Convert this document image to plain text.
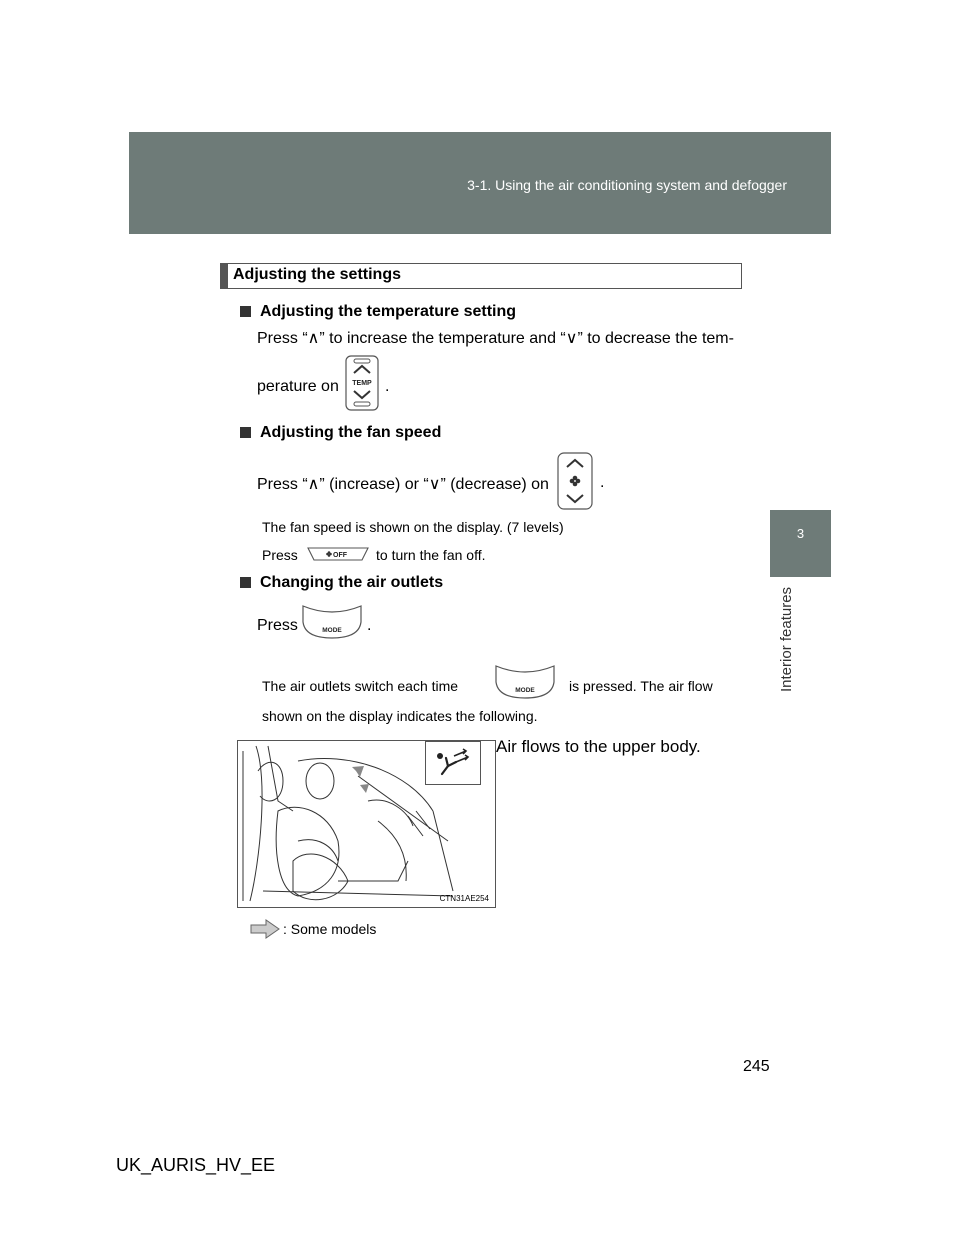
3-1. Using the air conditioning system and defogger
3
Interior features
Adjusting the settings
Adjusting the temperature setting
Press “∧” to increase the temperature and “∨” to decrease the tem-
perature on TEMP .
Adjusting the fan speed
Press “∧” (increase) or “∨” (decrease) on	.
The fan speed is shown on the display. (7 levels)
Press	OFF to turn the fan off.
Changing the air outlets
Press	MODE .
The air outlets switch each time	MODE is pressed. The air flow
shown on the display indicates the following.
CTN31AE254
Air flows to the upper body.
: Some models
245
UK_AURIS_HV_EE
